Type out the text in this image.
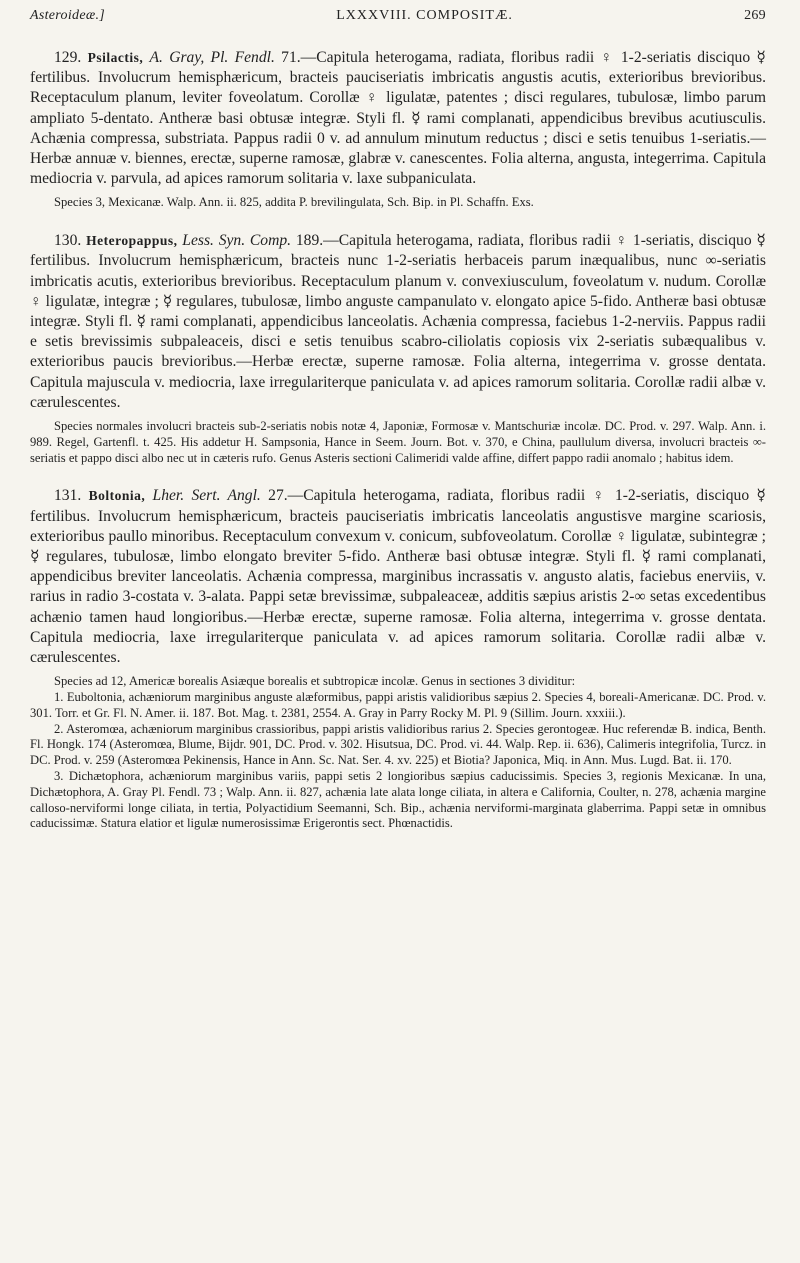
Asteroideæ.]	LXXXVIII. COMPOSITÆ.	269
129. Psilactis, A. Gray, Pl. Fendl. 71.—Capitula heterogama, radiata, floribus radii ♀ 1-2-seriatis disciquo ☿ fertilibus. Involucrum hemisphæricum, bracteis pauciseriatis imbricatis angustis acutis, exterioribus brevioribus. Receptaculum planum, leviter foveolatum. Corollæ ♀ ligulatæ, patentes ; disci regulares, tubulosæ, limbo parum ampliato 5-dentato. Antheræ basi obtusæ integræ. Styli fl. ☿ rami complanati, appendicibus brevibus acutiusculis. Achænia compressa, substriata. Pappus radii 0 v. ad annulum minutum reductus ; disci e setis tenuibus 1-seriatis.—Herbæ annuæ v. biennes, erectæ, superne ramosæ, glabræ v. canescentes. Folia alterna, angusta, integerrima. Capitula mediocria v. parvula, ad apices ramorum solitaria v. laxe subpaniculata.
Species 3, Mexicanæ. Walp. Ann. ii. 825, addita P. brevilingulata, Sch. Bip. in Pl. Schaffn. Exs.
130. Heteropappus, Less. Syn. Comp. 189.—Capitula heterogama, radiata, floribus radii ♀ 1-seriatis, disciquo ☿ fertilibus. Involucrum hemisphæricum, bracteis nunc 1-2-seriatis herbaceis parum inæqualibus, nunc ∞-seriatis imbricatis acutis, exterioribus brevioribus. Receptaculum planum v. convexiusculum, foveolatum v. nudum. Corollæ ♀ ligulatæ, integræ ; ☿ regulares, tubulosæ, limbo anguste campanulato v. elongato apice 5-fido. Antheræ basi obtusæ integræ. Styli fl. ☿ rami complanati, appendicibus lanceolatis. Achænia compressa, faciebus 1-2-nerviis. Pappus radii e setis brevissimis subpaleaceis, disci e setis tenuibus scabro-ciliolatis copiosis vix 2-seriatis subæqualibus v. exterioribus paucis brevioribus.—Herbæ erectæ, superne ramosæ. Folia alterna, integerrima v. grosse dentata. Capitula majuscula v. mediocria, laxe irregulariterque paniculata v. ad apices ramorum solitaria. Corollæ radii albæ v. cærulescentes.
Species normales involucri bracteis sub-2-seriatis nobis notæ 4, Japoniæ, Formosæ v. Mantschuriæ incolæ. DC. Prod. v. 297. Walp. Ann. i. 989. Regel, Gartenfl. t. 425. His addetur H. Sampsonia, Hance in Seem. Journ. Bot. v. 370, e China, paullulum diversa, involucri bracteis ∞-seriatis et pappo disci albo nec ut in cæteris rufo. Genus Asteris sectioni Calimeridi valde affine, differt pappo radii anomalo ; habitus idem.
131. Boltonia, Lher. Sert. Angl. 27.—Capitula heterogama, radiata, floribus radii ♀ 1-2-seriatis, disciquo ☿ fertilibus. Involucrum hemisphæricum, bracteis pauciseriatis imbricatis lanceolatis angustisve margine scariosis, exterioribus paullo minoribus. Receptaculum convexum v. conicum, subfoveolatum. Corollæ ♀ ligulatæ, subintegræ ; ☿ regulares, tubulosæ, limbo elongato breviter 5-fido. Antheræ basi obtusæ integræ. Styli fl. ☿ rami complanati, appendicibus breviter lanceolatis. Achænia compressa, marginibus incrassatis v. angusto alatis, faciebus enerviis, v. rarius in radio 3-costata v. 3-alata. Pappi setæ brevissimæ, subpaleaceæ, additis sæpius aristis 2-∞ setas excedentibus achænio tamen haud longioribus.—Herbæ erectæ, superne ramosæ. Folia alterna, integerrima v. grosse dentata. Capitula mediocria, laxe irregulariterque paniculata v. ad apices ramorum solitaria. Corollæ radii albæ v. cærulescentes.
Species ad 12, Americæ borealis Asiæque borealis et subtropicæ incolæ. Genus in sectiones 3 dividitur:
1. Euboltonia, achæniorum marginibus anguste alæformibus, pappi aristis validioribus sæpius 2. Species 4, boreali-Americanæ. DC. Prod. v. 301. Torr. et Gr. Fl. N. Amer. ii. 187. Bot. Mag. t. 2381, 2554. A. Gray in Parry Rocky M. Pl. 9 (Sillim. Journ. xxxiii.).
2. Asteromœa, achæniorum marginibus crassioribus, pappi aristis validioribus rarius 2. Species gerontogeæ. Huc referendæ B. indica, Benth. Fl. Hongk. 174 (Asteromœa, Blume, Bijdr. 901, DC. Prod. v. 302. Hisutsua, DC. Prod. vi. 44. Walp. Rep. ii. 636), Calimeris integrifolia, Turcz. in DC. Prod. v. 259 (Asteromœa Pekinensis, Hance in Ann. Sc. Nat. Ser. 4. xv. 225) et Biotia? Japonica, Miq. in Ann. Mus. Lugd. Bat. ii. 170.
3. Dichætophora, achæniorum marginibus variis, pappi setis 2 longioribus sæpius caducissimis. Species 3, regionis Mexicanæ. In una, Dichætophora, A. Gray Pl. Fendl. 73 ; Walp. Ann. ii. 827, achænia late alata longe ciliata, in altera e California, Coulter, n. 278, achænia margine calloso-nerviformi longe ciliata, in tertia, Polyactidium Seemanni, Sch. Bip., achænia nerviformi-marginata glaberrima. Pappi setæ in omnibus caducissimæ. Statura elatior et ligulæ numerosissimæ Erigerontis sect. Phœnactidis.
